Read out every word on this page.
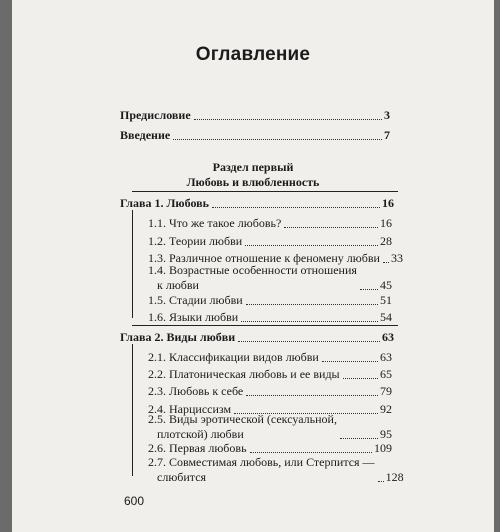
Оглавление
Предисловие	3
Введение	7
Раздел первый
Любовь и влюбленность
Глава 1. Любовь	16
1.1. Что же такое любовь?	16
1.2. Теории любви	28
1.3. Различное отношение к феномену любви 33
1.4. Возрастные особенности отношения
к любви	45
1.5. Стадии любви	51
1.6. Языки любви	54
Глава 2. Виды любви	63
2.1. Классификации видов любви	63
2.2. Платоническая любовь и ее виды	65
2.3. Любовь к себе	79
2.4. Нарциссизм	92
2.5. Виды эротической (сексуальной,
плотской) любви	95
2.6. Первая любовь	109
2.7. Совместимая любовь, или Стерпится —
слюбится	128
600
